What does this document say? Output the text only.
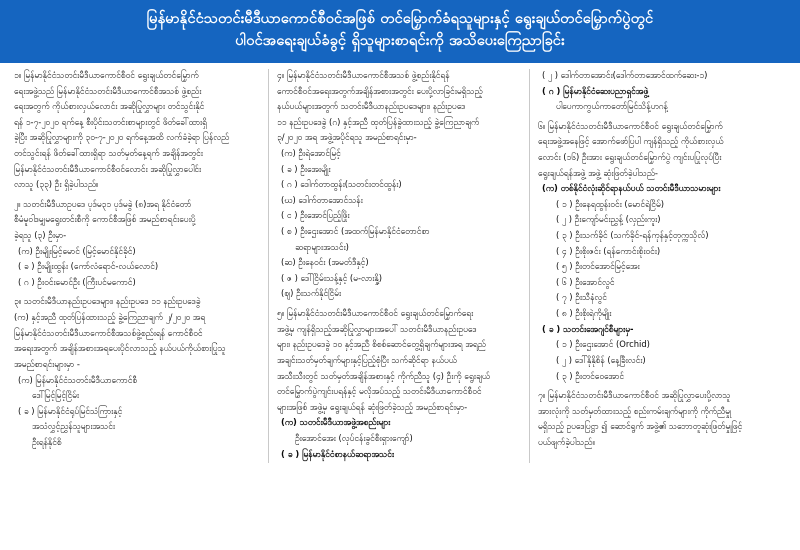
မြန်မာနိုင်ငံသတင်းမီဒီယာကောင်စီဝင်အဖြစ် တင်မြှောက်ခံရသူများနှင့် ရွေးချယ်တင်မြှောက်ပွဲတွင်
ပါဝင်အရေးချယ်ခံခွင့် ရှိသူများစာရင်းကို အသိပေးကြေညာခြင်း

၁။ မြန်မာနိုင်ငံသတင်းမီဒီယာကောင်စီဝင် ရွေးချယ်တင်မြှောက်

ရေးအဖွဲ့သည် မြန်မာနိုင်ငံသတင်းမီဒီယာကောင်စီအသစ် ဖွဲ့စည်း

ရေးအတွက် ကိုယ်စားလှယ်လောင်း အဆိုပြုလွှာများ တင်သွင်းနိုင်

ရန် ၁-၇-၂၀၂၀ ရက်နေ့ စီးပိုင်းသတင်းစာများတွင် ဖိတ်ခေါ်ထားရှိ

ခဲ့ပြီး အဆိုပြုလွှာများကို ၃၀-၇-၂၀၂၀ ရက်နေ့အထိ လက်ခံခဲ့ရာ ပြန်လည်

တင်သွင်းရန် ဖိတ်ခေါ်ထားရှိရာ သတ်မှတ်နေ့ရက် အချိန်အတွင်း

မြန်မာနိုင်ငံသတင်းမီဒီယာကောင်စီဝင်လောင်း အဆိုပြုလွှာပေါင်း

လာသူ (၃၃) ဦး ရှိခဲ့ပါသည်။

၂။ သတင်းမီဒီယာဥပဒေ ပုဒ်မ၃၁ ပုဒ်မခွဲ (၈)အရ နိုင်ငံတော်

စီမံမူဝါဒမျှမရွေးတင်းစီကို ကောင်စီအဖြစ် အမည်စာရင်းပေးပို့

ခဲ့ရသူ (၃) ဦးမှာ-

(က) ဦးမျိုးမြင့်မောင် (မြင့်မောင်နိုင်ခိုင်)

( ခ ) ဦးမျိုးထွန်း (ကော်လံရောင်-လယ်လောင်)

( ဂ ) ဦးဝင်းမောင်ဦး (ကြီးပင်မကောင်)

၃။ သတင်းမီဒီယာနည်းဥပဒေများ၊ နည်းဥပဒေ ၁၁ နည်းဥပဒေခွဲ

(က) နှင့်အညီ ထုတ်ပြန်ထားသည့် ခွဲ့ကြေညာချက် ၂/၂၀၂၀ အရ

မြန်မာနိုင်ငံသတင်းမီဒီယာကောင်စီအသစ်ဖွဲ့စည်းရန် ကောင်စီဝင်

အရေးအတွက် အချိန်အစားအရပေးပိုင်လာသည့် နယ်ပယ်ကိုယ်စားပြုသူ

အမည်စာရင်းများမှာ -

(က) မြန်မာနိုင်ငံသတင်းမီဒီယာကောင်စီ

ဒေါ်မြင့်မြင့်ငြိမ်း

( ခ ) မြန်မာနိုင်ငံရုပ်မြင်သံကြားနှင့်

အသံလွှင့်ညွှန်သူများအသင်း

ဦးရန်နိုင်စိ

၄။ မြန်မာနိုင်ငံသတင်းမီဒီယာကောင်စီအသစ် ဖွဲ့စည်းနိုင်ရန်

ကောင်စီဝင်အရေးအတွက်အချိန်အစားအတွင်း ပေးပို့လာခြင်းမရှိသည့်

နယ်ပယ်များအတွက် သတင်းမီဒီယာနည်းဥပဒေများ၊ နည်းဥပဒေ

၁၁ နည်းဥပဒေခွဲ (ဂ) နှင့်အညီ ထုတ်ပြန်ခွဲထားသည့် ခွဲ့ကြေညာချက်

၃/၂၀၂၀ အရ အဖွဲ့အပိုင်ရသူ အမည်စာရင်းမှာ-

(က) ဦးရဲအောင်မြင့်

( ခ ) ဦးအေးမျိုး

( ဂ ) ဒေါက်တာထွန်း(သတင်းတင်ထွန်း)

(ဃ) ဒေါက်တာအောင်သန်း

( င ) ဦးအောင်ပြည့်ဖြိုး

( စ ) ဦးဌေးအောင် (အထက်မြန်မာနိုင်ငံတောင်စာ

ဆရာများအသင်း)

(ဆ) ဦးနေဝင်း (အမတ်ဒီနှင့်)

( ဇ ) ဒေါ်ငြိမ်းသန့်နှင့် (မ-လားနှို့)

(ဈ) ဦးသက်နိုင်ငြိမ်း

၅။ မြန်မာနိုင်ငံသတင်းမီဒီယာကောင်စီဝင် ရွေးချယ်တင်မြှောက်ရေး

အဖွဲ့မှ ကျန်ရှိသည့်အဆိုပြုလွှာများအပေါ် သတင်းမီဒီယာနည်းဥပဒေ

များ၊ နည်းဥပဒေခွဲ ၁၀ နှင့်အညီ စိစစ်ဆောင်တွေ့ရှိချက်များအရ အရည်

အချင်းသတ်မှတ်ချက်များနှင့်ပြည့်စုံပြီး သက်ဆိုင်ရာ နယ်ပယ်

အသီးသီးတွင် သတ်မှတ်အချိန်အစားနှင့် ကိုက်ညီသူ (၄) ဦးကို ရွေးချယ်

တင်မြှောက်ပွဲကျင်းပရန်နှင့် မလိုအပ်သည့် သတင်းမီဒီယာကောင်စီဝင်

များအဖြစ် အဖွဲ့မှ ရွေးချယ်ရန် ဆုံးဖြတ်ခဲ့သည့် အမည်စာရင်းမှာ-

(က) သတင်းမီဒီယာအဖွဲ့အစည်းများ

ဦးအောင်အေး (လုပ်ငန်းခွင်စီးရှားကျော်)

( ခ ) မြန်မာနိုင်ငံစာနယ်ဆရာအသင်း

( ၂ ) ဒေါက်တာအောင်း(ဒေါက်တာအောင်ထက်ဆေး-၁)

( ဂ ) မြန်မာနိုင်ငံဆေးပညာရှင်အဖွဲ့

ပါပေကာကွယ်ကာတော်မြင်သိန့်ဟဂန့်

၆။ မြန်မာနိုင်ငံသတင်းမီဒီယာကောင်စီဝင် ရွေးချယ်တင်မြှောက်

ရေးအဖွဲ့အနေဖြင့် အောက်ဖော်ပြပါ ကျန်ရှိသည့် ကိုယ်စားလှယ်

လောင်း (၁၆) ဦးအား ရွေးချယ်တင်မြှောက်ပွဲ ကျင်းပပြုလုပ်ပြီး

ရွေးချယ်ရန်အဖွဲ့ အဖွဲ့ ဆုံးဖြတ်ခဲ့ပါသည်-

(က) တစ်နိုင်ငံလုံးဆိုင်ရာနယ်ပယ် သတင်းမီဒီယာသမားများ

( ၁ ) ဦးနေရထွန်းဝင်း (မောင်ရဲငြိမ်)

( ၂ ) ဦးကျော်မင်းညွှန့် (လှည်းကူး)

( ၃ ) ဦးသက်ခိုင် (သက်ခိုင်-ရန်ကုန်နှင့်တုက္ကသိုလ်)

( ၄ ) ဦးစိုးဇင်း (ရန်ကောင်းစိုးဝင်း)

( ၅ ) ဦးတင်အောင်မြင့်အေး

( ၆ ) ဦးအောင်လွင်

( ၇ ) ဦးသီနံလွင်

( ၈ ) ဦးစိုးရဲကိုမျိုး

( ခ ) သတင်းအေဂျင်စီများမှ-

( ၁ ) ဦးဌေးအောင် (Orchid)

( ၂ ) ဒေါ်နိုနိုစိန် (နေ့ခြီးလင်း)

( ၃ ) ဦးတင်ဝေအောင်

၇။ မြန်မာနိုင်ငံသတင်းမီဒီယာကောင်စီဝင် အဆိုပြုလွှာပေးပို့လာသူ

အားလုံးကို သတ်မှတ်ထားသည့် စည်းကမ်းချက်များကို ကိုက်ညီမှုု

မရှိသည့် ဥပဒေပြဋ္ဌာ ၍ ဆောင်ရွက် အဖွဲ့၏ သဘောတူဆုံးဖြတ်မှုုဖြင့်

ပယ်ဖျက်ခဲ့ပါသည်။
